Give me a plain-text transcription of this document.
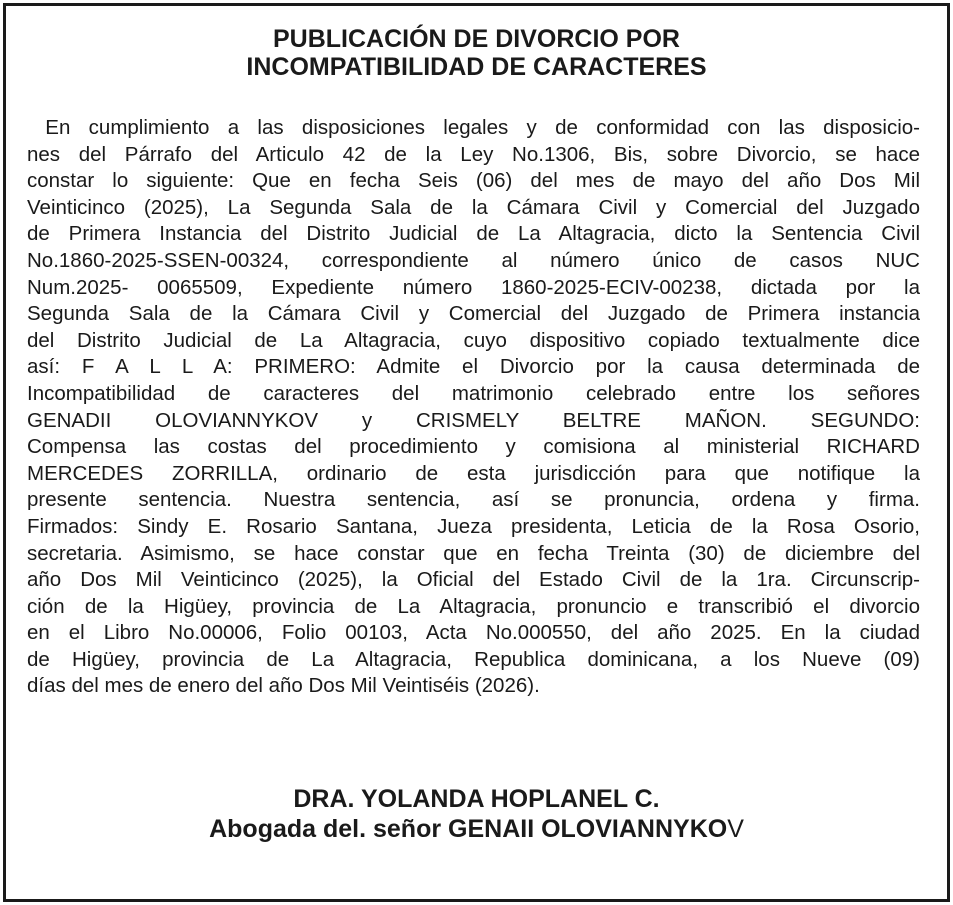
PUBLICACIÓN DE DIVORCIO POR
INCOMPATIBILIDAD DE CARACTERES
En cumplimiento a las disposiciones legales y de conformidad con las disposicio-
nes del Párrafo del Articulo 42 de la Ley No.1306, Bis, sobre Divorcio, se hace
constar lo siguiente: Que en fecha Seis (06) del mes de mayo del año Dos Mil
Veinticinco (2025), La Segunda Sala de la Cámara Civil y Comercial del Juzgado
de Primera Instancia del Distrito Judicial de La Altagracia, dicto la Sentencia Civil
No.1860-2025-SSEN-00324, correspondiente al número único de casos NUC
Num.2025- 0065509, Expediente número 1860-2025-ECIV-00238, dictada por la
Segunda Sala de la Cámara Civil y Comercial del Juzgado de Primera instancia
del Distrito Judicial de La Altagracia, cuyo dispositivo copiado textualmente dice
así: F A L L A: PRIMERO: Admite el Divorcio por la causa determinada de
Incompatibilidad de caracteres del matrimonio celebrado entre los señores
GENADII OLOVIANNYKOV y CRISMELY BELTRE MAÑON. SEGUNDO:
Compensa las costas del procedimiento y comisiona al ministerial RICHARD
MERCEDES ZORRILLA, ordinario de esta jurisdicción para que notifique la
presente sentencia. Nuestra sentencia, así se pronuncia, ordena y firma.
Firmados: Sindy E. Rosario Santana, Jueza presidenta, Leticia de la Rosa Osorio,
secretaria. Asimismo, se hace constar que en fecha Treinta (30) de diciembre del
año Dos Mil Veinticinco (2025), la Oficial del Estado Civil de la 1ra. Circunscrip-
ción de la Higüey, provincia de La Altagracia, pronuncio e transcribió el divorcio
en el Libro No.00006, Folio 00103, Acta No.000550, del año 2025. En la ciudad
de Higüey, provincia de La Altagracia, Republica dominicana, a los Nueve (09)
días del mes de enero del año Dos Mil Veintiséis (2026).
DRA. YOLANDA HOPLANEL C.
Abogada del. señor GENAII OLOVIANNYKOV
